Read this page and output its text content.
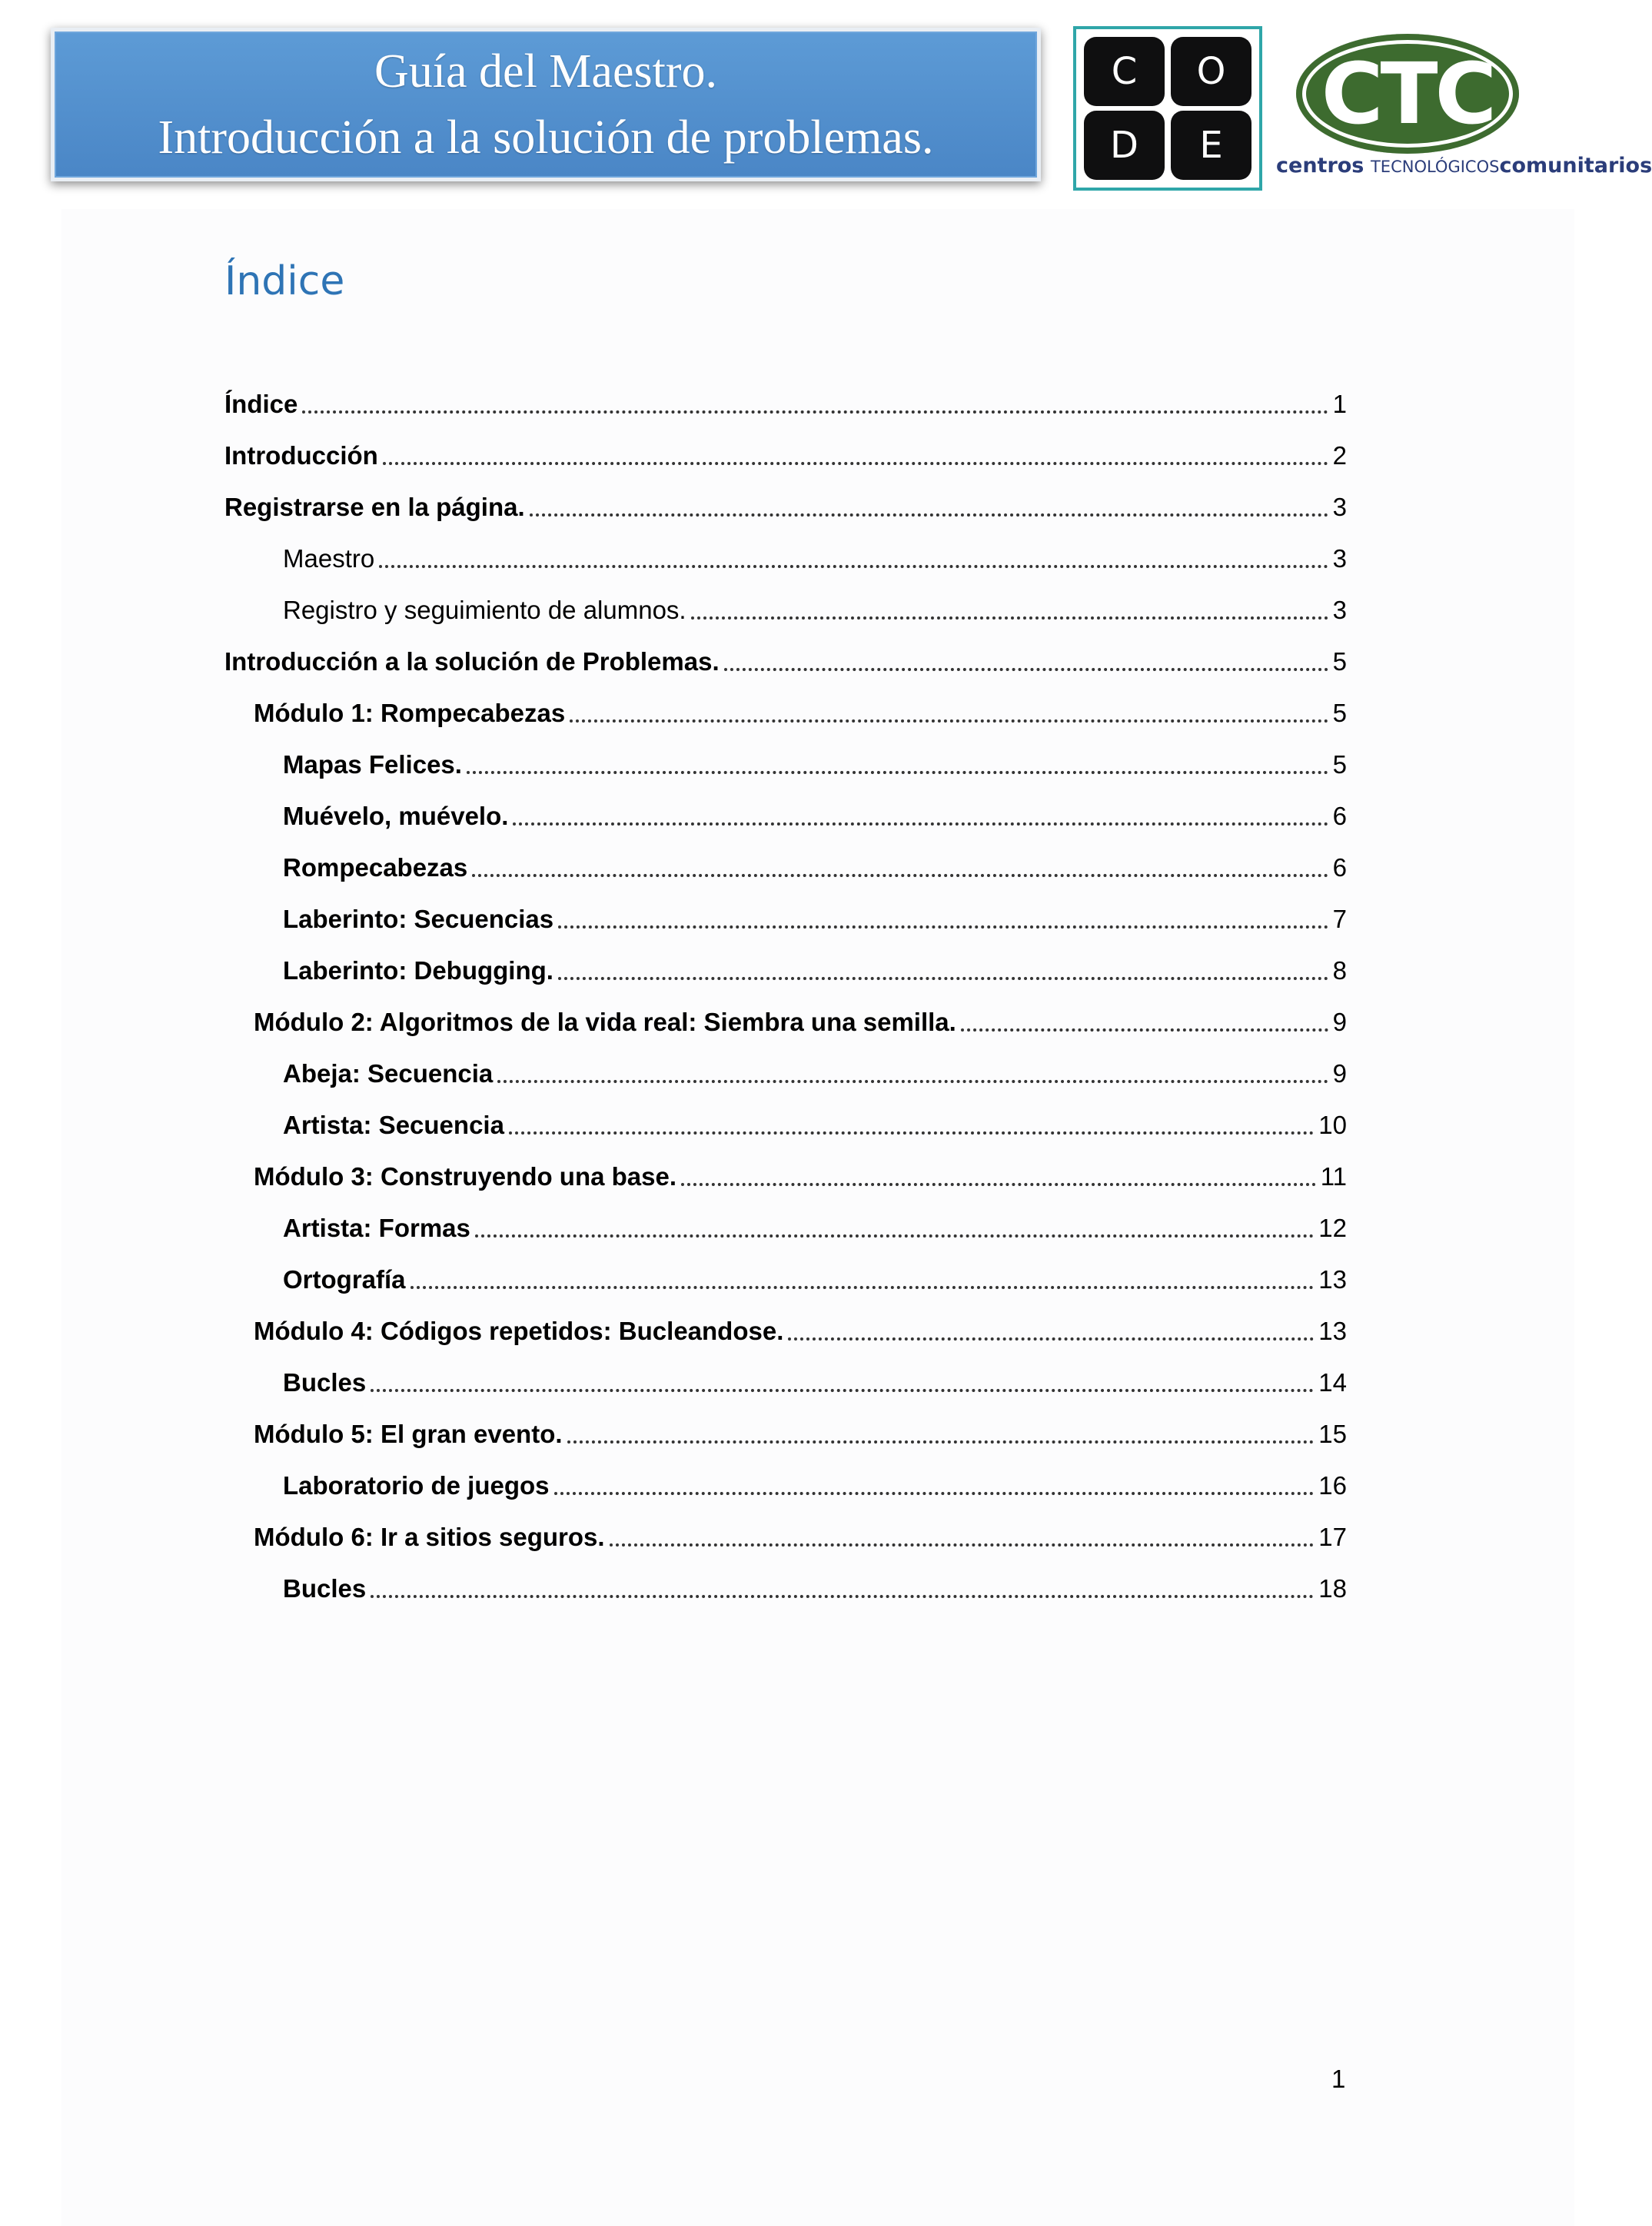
Guía del Maestro.
Introducción a la solución de problemas.
C	O
D	E
CTC
centros TECNOLÓGICOScomunitarios
Índice
Índice	1
Introducción	2
Registrarse en la página.	3
Maestro	3
Registro y seguimiento de alumnos.	3
Introducción a la solución de Problemas.	5
Módulo 1: Rompecabezas	5
Mapas Felices.	5
Muévelo, muévelo.	6
Rompecabezas	6
Laberinto: Secuencias	7
Laberinto: Debugging.	8
Módulo 2: Algoritmos de la vida real: Siembra una semilla.	9
Abeja: Secuencia	9
Artista: Secuencia	10
Módulo 3: Construyendo una base.	11
Artista: Formas	12
Ortografía	13
Módulo 4: Códigos repetidos: Bucleandose.	13
Bucles	14
Módulo 5: El gran evento.	15
Laboratorio de juegos	16
Módulo 6: Ir a sitios seguros.	17
Bucles	18
1
